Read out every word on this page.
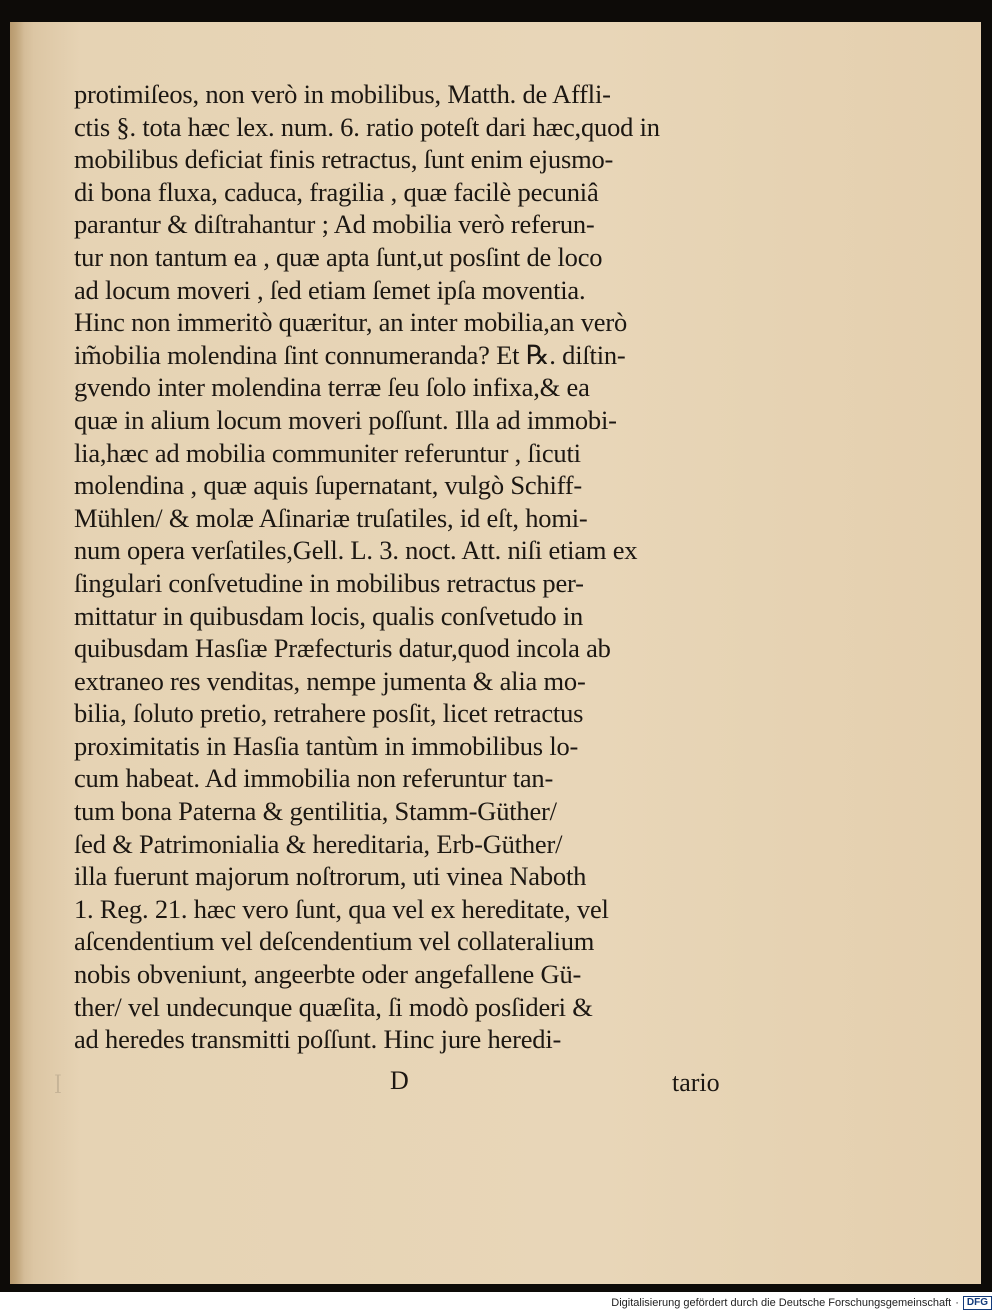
ꟾ
protimiſeos, non verò in mobilibus, Matth. de Affli-
ctis §. tota hæc lex. num. 6. ratio poteſt dari hæc,quod in
mobilibus deficiat finis retractus, ſunt enim ejusmo-
di bona fluxa, caduca, fragilia , quæ facilè pecuniâ
parantur & diſtrahantur ; Ad mobilia verò referun-
tur non tantum ea , quæ apta ſunt,ut posſint de loco
ad locum moveri , ſed etiam ſemet ipſa moventia.
Hinc non immeritò quæritur, an inter mobilia,an verò
im̃obilia molendina ſint connumeranda? Et ℞. diſtin-
gvendo inter molendina terræ ſeu ſolo infixa,& ea
quæ in alium locum moveri poſſunt. Illa ad immobi-
lia,hæc ad mobilia communiter referuntur , ſicuti
molendina , quæ aquis ſupernatant, vulgò Schiff-
Mühlen/ & molæ Aſinariæ truſatiles, id eſt, homi-
num opera verſatiles,Gell. L. 3. noct. Att. niſi etiam ex
ſingulari conſvetudine in mobilibus retractus per-
mittatur in quibusdam locis, qualis conſvetudo in
quibusdam Hasſiæ Præfecturis datur,quod incola ab
extraneo res venditas, nempe jumenta & alia mo-
bilia, ſoluto pretio, retrahere posſit, licet retractus
proximitatis in Hasſia tantùm in immobilibus lo-
cum habeat. Ad immobilia non referuntur tan-
tum bona Paterna & gentilitia, Stamm-Güther/
ſed & Patrimonialia & hereditaria, Erb-Güther/
illa fuerunt majorum noſtrorum, uti vinea Naboth
1. Reg. 21. hæc vero ſunt, qua vel ex hereditate, vel
aſcendentium vel deſcendentium vel collateralium
nobis obveniunt, angeerbte oder angefallene Gü-
ther/ vel undecunque quæſita, ſi modò posſideri &
ad heredes transmitti poſſunt. Hinc jure heredi-
D	tario
Digitalisierung gefördert durch die Deutsche Forschungsgemeinschaft · DFG
